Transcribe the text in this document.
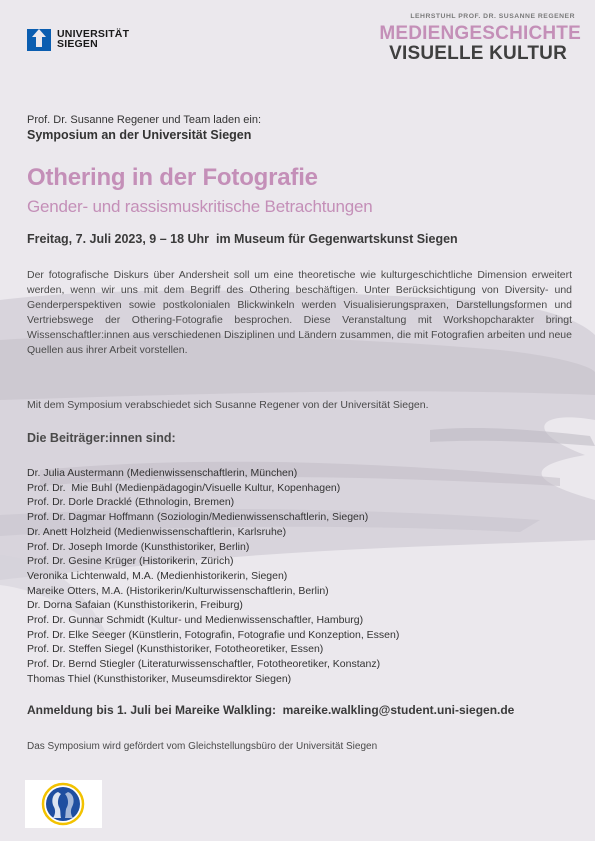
UNIVERSITÄT
SIEGEN
LEHRSTUHL PROF. DR. SUSANNE REGENER
MEDIENGESCHICHTE
VISUELLE KULTUR
Prof. Dr. Susanne Regener und Team laden ein:
Symposium an der Universität Siegen
Othering in der Fotografie
Gender- und rassismuskritische Betrachtungen
Freitag, 7. Juli 2023, 9 – 18 Uhr  im Museum für Gegenwartskunst Siegen
Der fotografische Diskurs über Andersheit soll um eine theoretische wie kulturgeschichtliche Dimension erweitert werden, wenn wir uns mit dem Begriff des Othering beschäftigen. Unter Berücksichtigung von Diversity- und Genderperspektiven sowie postkolonialen Blickwinkeln werden Visualisierungspraxen, Darstellungsformen und Vertriebswege der Othering-Fotografie besprochen. Diese Veranstaltung mit Workshopcharakter bringt Wissenschaftler:innen aus verschiedenen Disziplinen und Ländern zusammen, die mit Fotografien arbeiten und neue Quellen aus ihrer Arbeit vorstellen.
Mit dem Symposium verabschiedet sich Susanne Regener von der Universität Siegen.
Die Beiträger:innen sind:
Dr. Julia Austermann (Medienwissenschaftlerin, München)
Prof. Dr.  Mie Buhl (Medienpädagogin/Visuelle Kultur, Kopenhagen)
Prof. Dr. Dorle Dracklé (Ethnologin, Bremen)
Prof. Dr. Dagmar Hoffmann (Soziologin/Medienwissenschaftlerin, Siegen)
Dr. Anett Holzheid (Medienwissenschaftlerin, Karlsruhe)
Prof. Dr. Joseph Imorde (Kunsthistoriker, Berlin)
Prof. Dr. Gesine Krüger (Historikerin, Zürich)
Veronika Lichtenwald, M.A. (Medienhistorikerin, Siegen)
Mareike Otters, M.A. (Historikerin/Kulturwissenschaftlerin, Berlin)
Dr. Dorna Safaian (Kunsthistorikerin, Freiburg)
Prof. Dr. Gunnar Schmidt (Kultur- und Medienwissenschaftler, Hamburg)
Prof. Dr. Elke Seeger (Künstlerin, Fotografin, Fotografie und Konzeption, Essen)
Prof. Dr. Steffen Siegel (Kunsthistoriker, Fototheoretiker, Essen)
Prof. Dr. Bernd Stiegler (Literaturwissenschaftler, Fototheoretiker, Konstanz)
Thomas Thiel (Kunsthistoriker, Museumsdirektor Siegen)
Anmeldung bis 1. Juli bei Mareike Walkling:  mareike.walkling@student.uni-siegen.de
Das Symposium wird gefördert vom Gleichstellungsbüro der Universität Siegen
